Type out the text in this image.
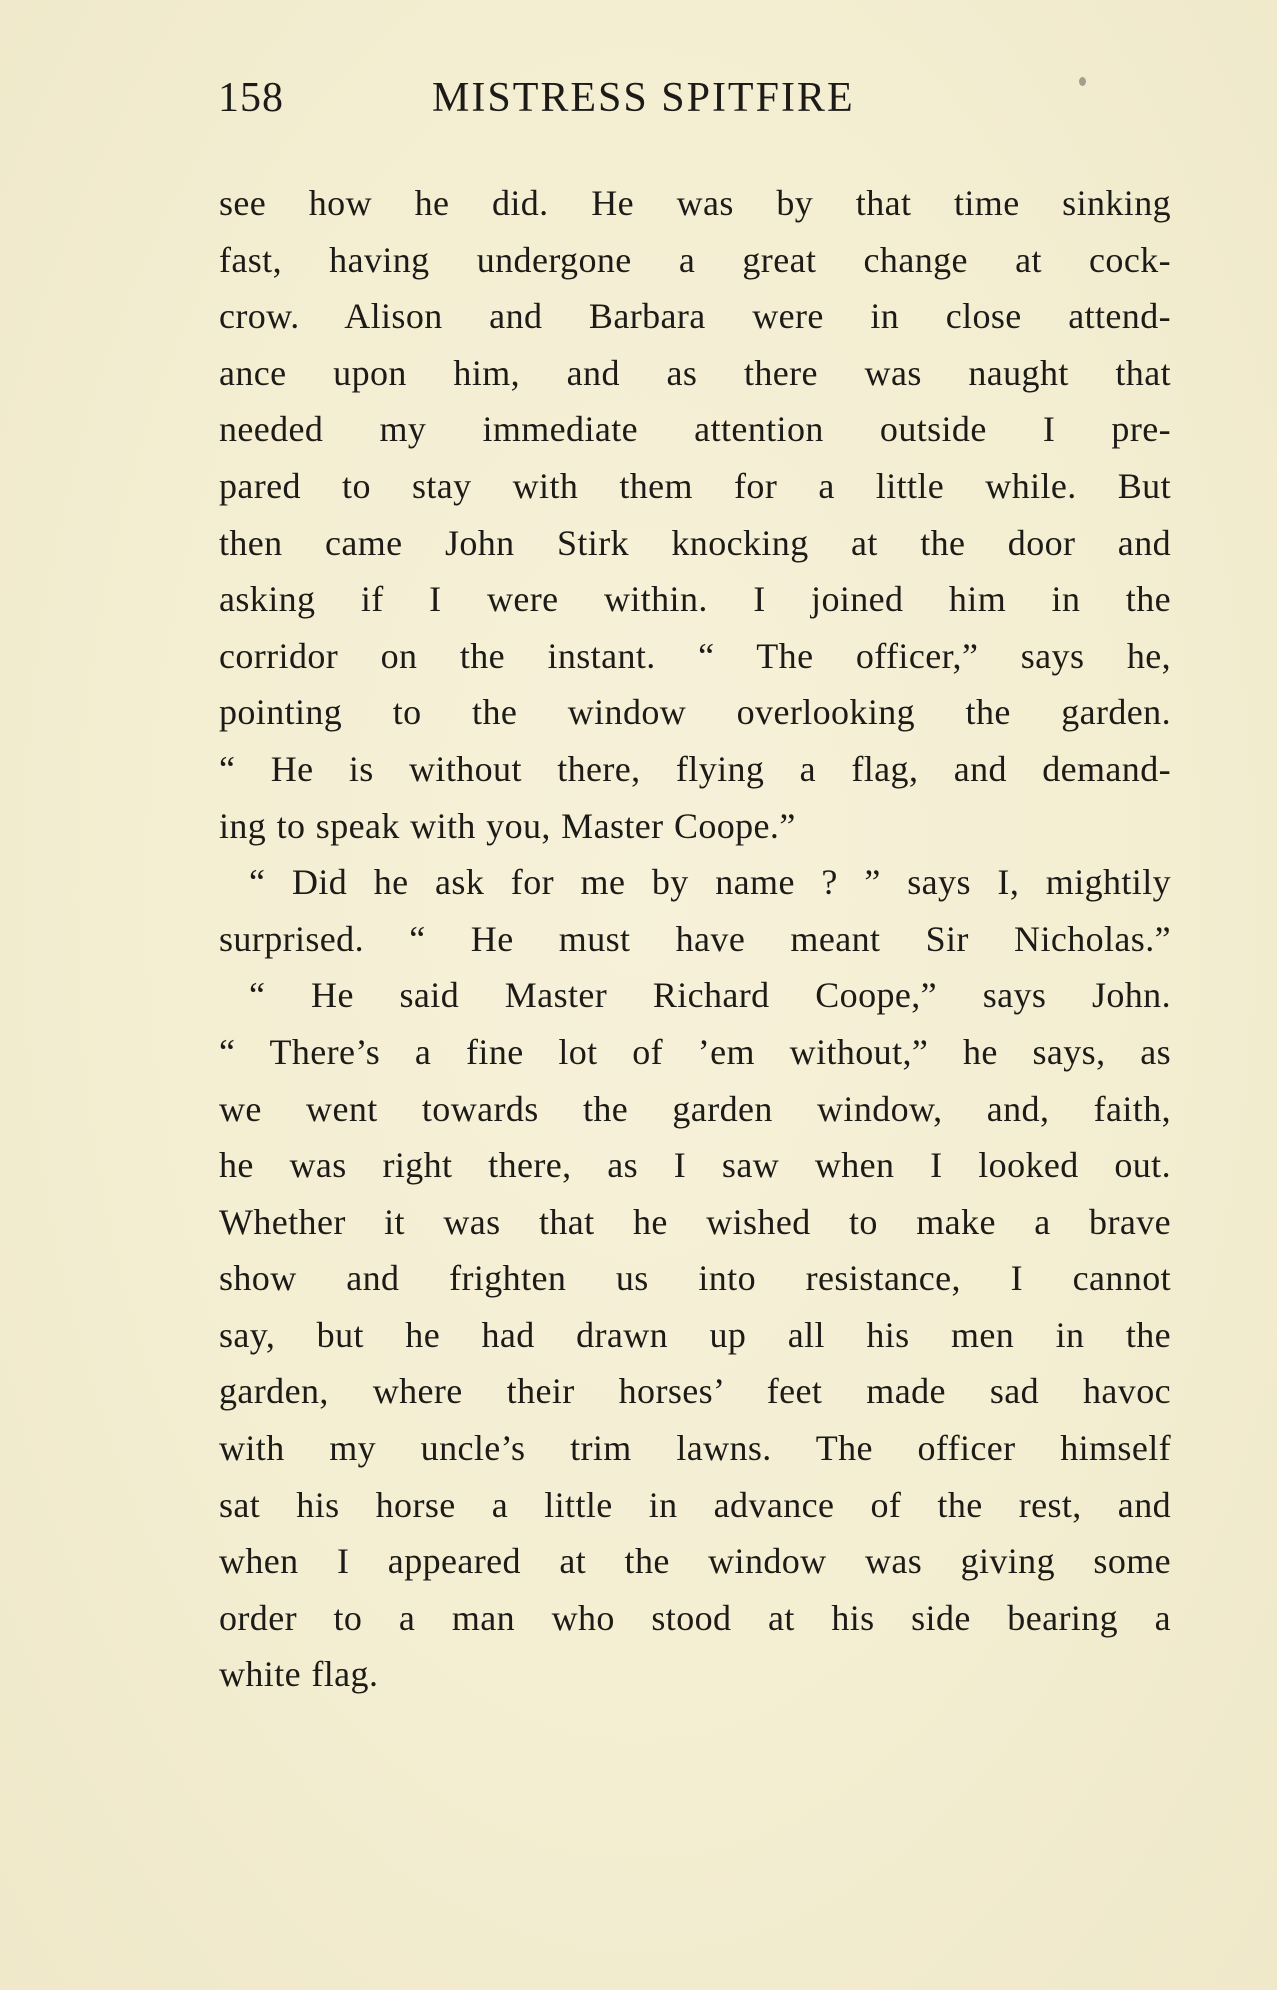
158	MISTRESS SPITFIRE
see how he did. He was by that time sinking
fast, having undergone a great change at cock-
crow. Alison and Barbara were in close attend-
ance upon him, and as there was naught that
needed my immediate attention outside I pre-
pared to stay with them for a little while. But
then came John Stirk knocking at the door and
asking if I were within. I joined him in the
corridor on the instant. “ The officer,” says he,
pointing to the window overlooking the garden.
“ He is without there, flying a flag, and demand-
ing to speak with you, Master Coope.”
“ Did he ask for me by name ? ” says I, mightily
surprised. “ He must have meant Sir Nicholas.”
“ He said Master Richard Coope,” says John.
“ There’s a fine lot of ’em without,” he says, as
we went towards the garden window, and, faith,
he was right there, as I saw when I looked out.
Whether it was that he wished to make a brave
show and frighten us into resistance, I cannot
say, but he had drawn up all his men in the
garden, where their horses’ feet made sad havoc
with my uncle’s trim lawns. The officer himself
sat his horse a little in advance of the rest, and
when I appeared at the window was giving some
order to a man who stood at his side bearing a
white flag.
